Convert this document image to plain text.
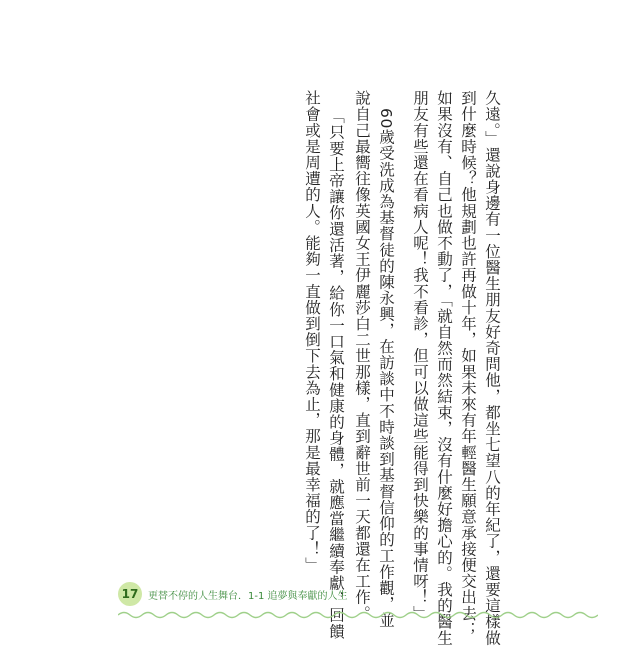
久遠。」還說身邊有一位醫生朋友好奇問他，都坐七望八的年紀了，還要這樣做
到什麼時候？他規劃也許再做十年，如果未來有年輕醫生願意承接便交出去；
如果沒有、自己也做不動了，「就自然而然結束，沒有什麼好擔心的。我的醫生
朋友有些還在看病人呢！我不看診，但可以做這些能得到快樂的事情呀！」
60歲受洗成為基督徒的陳永興，在訪談中不時談到基督信仰的工作觀，並
說自己最嚮往像英國女王伊麗莎白二世那樣，直到辭世前一天都還在工作。
「只要上帝讓你還活著，給你一口氣和健康的身體，就應當繼續奉獻，回饋
社會或是周遭的人。能夠一直做到倒下去為止，那是最幸福的了！」
17 更替不停的人生舞台．1-1 追夢與奉獻的人生
